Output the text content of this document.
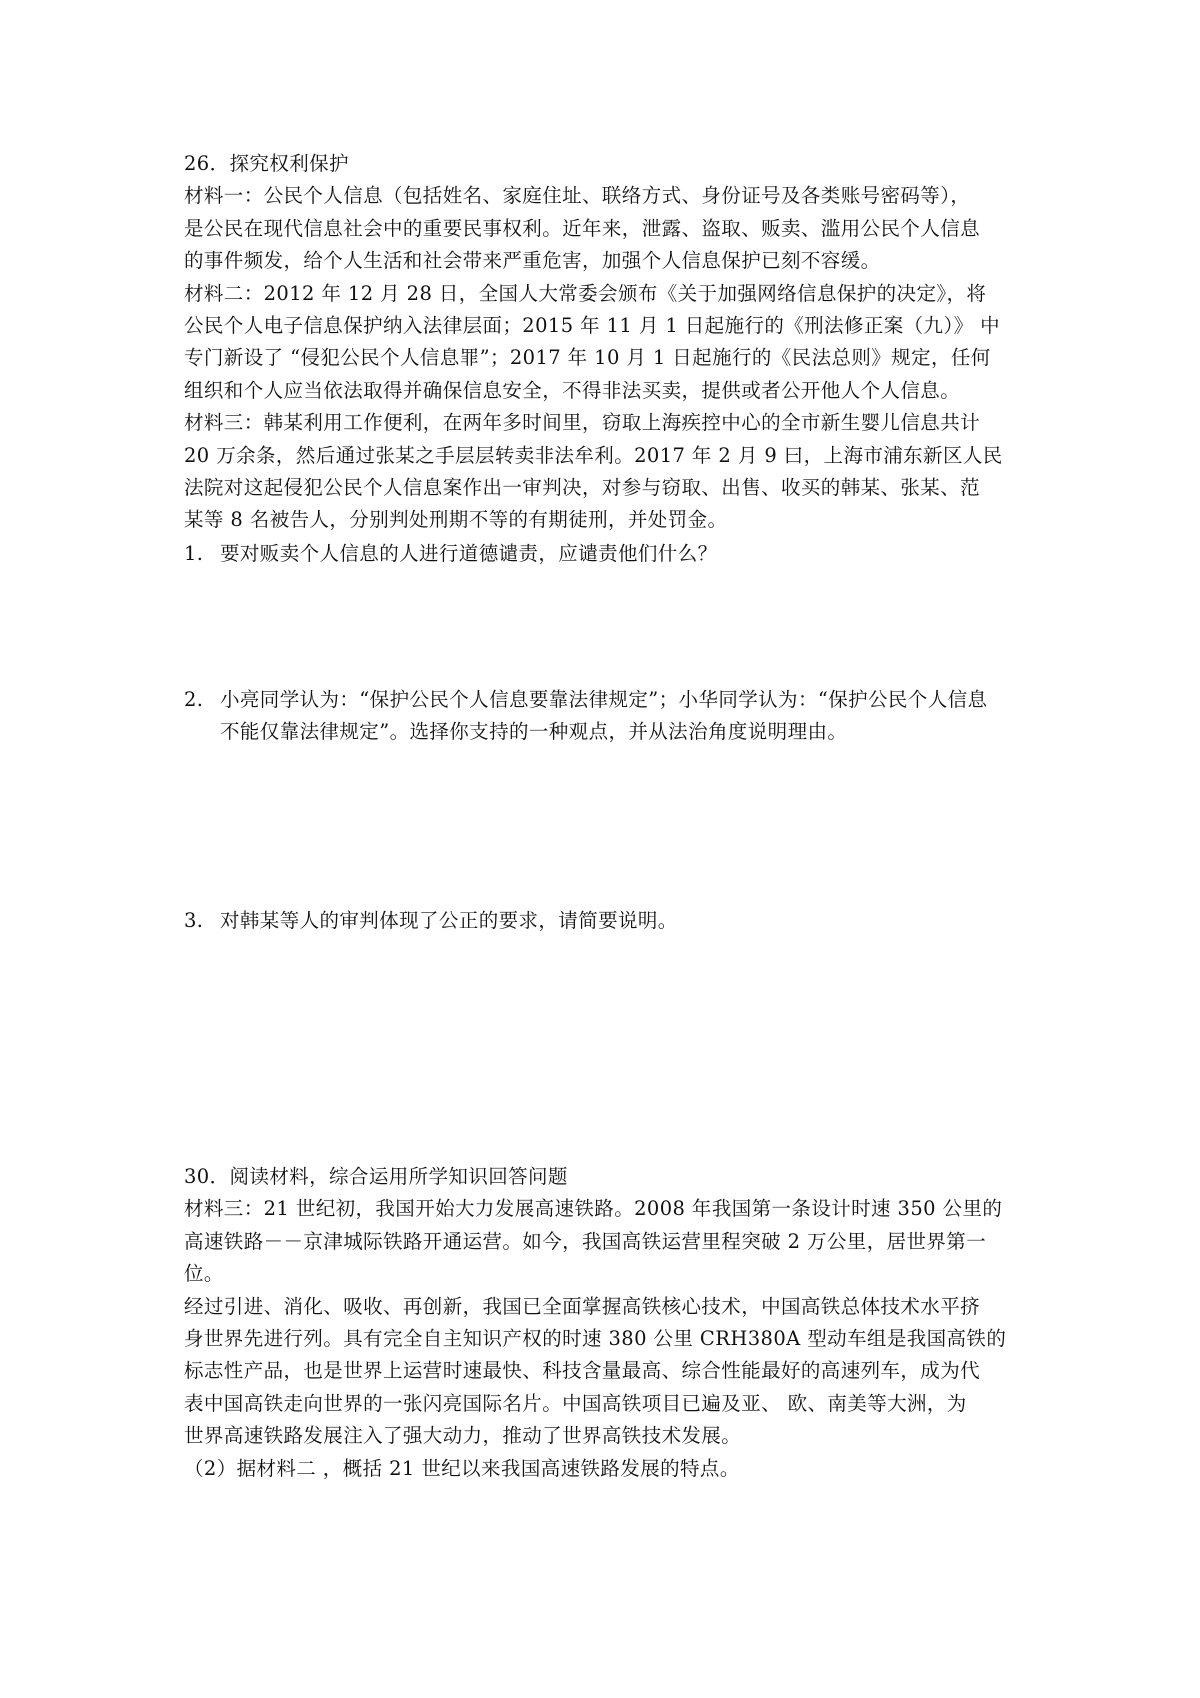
26．探究权利保护
材料一：公民个人信息（包括姓名、家庭住址、联络方式、身份证号及各类账号密码等），
是公民在现代信息社会中的重要民事权利。近年来，泄露、盗取、贩卖、滥用公民个人信息
的事件频发，给个人生活和社会带来严重危害，加强个人信息保护已刻不容缓。
材料二：2012 年 12 月 28 日，全国人大常委会颁布《关于加强网络信息保护的决定》，将
公民个人电子信息保护纳入法律层面；2015 年 11 月 1 日起施行的《刑法修正案（九）》 中
专门新设了 “侵犯公民个人信息罪”；2017 年 10 月 1 日起施行的《民法总则》规定，任何
组织和个人应当依法取得并确保信息安全，不得非法买卖，提供或者公开他人个人信息。
材料三：韩某利用工作便利，在两年多时间里，窃取上海疾控中心的全市新生婴儿信息共计
20 万余条，然后通过张某之手层层转卖非法牟利。2017 年 2 月 9 曰，上海市浦东新区人民
法院对这起侵犯公民个人信息案作出一审判决，对参与窃取、出售、收买的韩某、张某、范
某等 8 名被告人，分别判处刑期不等的有期徒刑，并处罚金。
1. 要对贩卖个人信息的人进行道德谴责，应谴责他们什么？
2. 小亮同学认为：“保护公民个人信息要靠法律规定”；小华同学认为：“保护公民个人信息
不能仅靠法律规定”。选择你支持的一种观点，并从法治角度说明理由。
3. 对韩某等人的审判体现了公正的要求，请简要说明。
30．阅读材料，综合运用所学知识回答问题
材料三：21 世纪初，我国开始大力发展高速铁路。2008 年我国第一条设计时速 350 公里的
高速铁路－－京津城际铁路开通运营。如今，我国高铁运营里程突破 2 万公里，居世界第一
位。
经过引进、消化、吸收、再创新，我国已全面掌握高铁核心技术，中国高铁总体技术水平挤
身世界先进行列。具有完全自主知识产权的时速 380 公里 CRH380A 型动车组是我国高铁的
标志性产品，也是世界上运营时速最快、科技含量最高、综合性能最好的高速列车，成为代
表中国高铁走向世界的一张闪亮国际名片。中国高铁项目已遍及亚、 欧、南美等大洲，为
世界高速铁路发展注入了强大动力，推动了世界高铁技术发展。
（2）据材料二 ，概括 21 世纪以来我国高速铁路发展的特点。
